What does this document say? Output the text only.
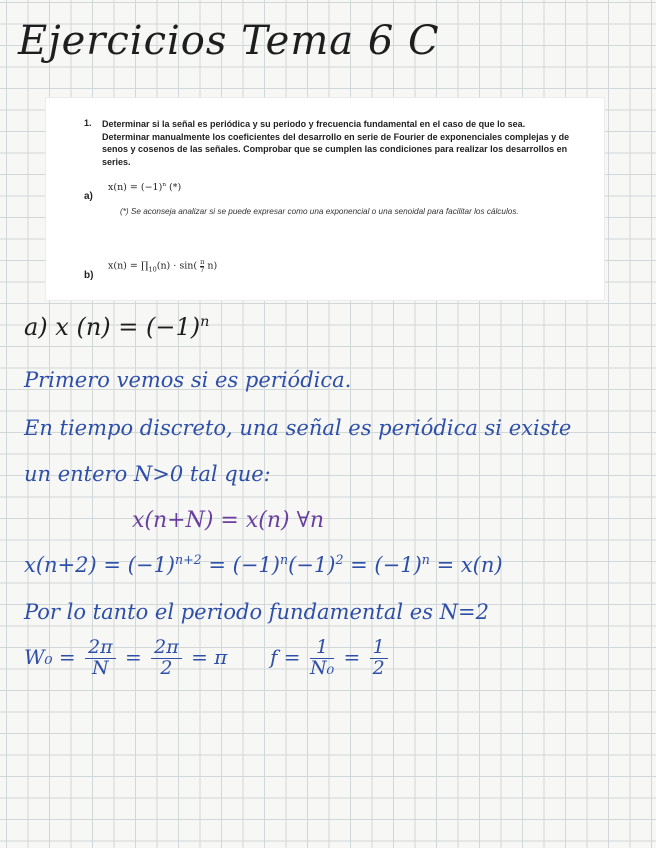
Ejercicios Tema 6 C
1. Determinar si la señal es periódica y su periodo y frecuencia fundamental en el caso de que lo sea. Determinar manualmente los coeficientes del desarrollo en serie de Fourier de exponenciales complejas y de senos y cosenos de las señales. Comprobar que se cumplen las condiciones para realizar los desarrollos en series.

a)
$x(n) = (-1)^n$ (*)

(*) Se aconseja analizar si se puede expresar como una exponencial o una senoidal para facilitar los cálculos.

b)
$x(n) = \prod_{10}(n) \cdot \sin( \frac{\pi}{7} n)$
a) x $(n) = (-1)^n$
Primero vemos si es periódica.
En tiempo discreto, una señal es periódica si existe
un entero N>0 tal que:
x(n+N) = x(n) ∀n
$x(n+2) = (-1)^{n+2} = (-1)^n(-1)^2 = (-1)^n = x(n)$
Por lo tanto el periodo fundamental es N=2
$W_0 = \frac{2\pi}{N} = \frac{2\pi}{2} = \pi$ $f = \frac{1}{\text{N₀}} = \frac{1}{2}$
